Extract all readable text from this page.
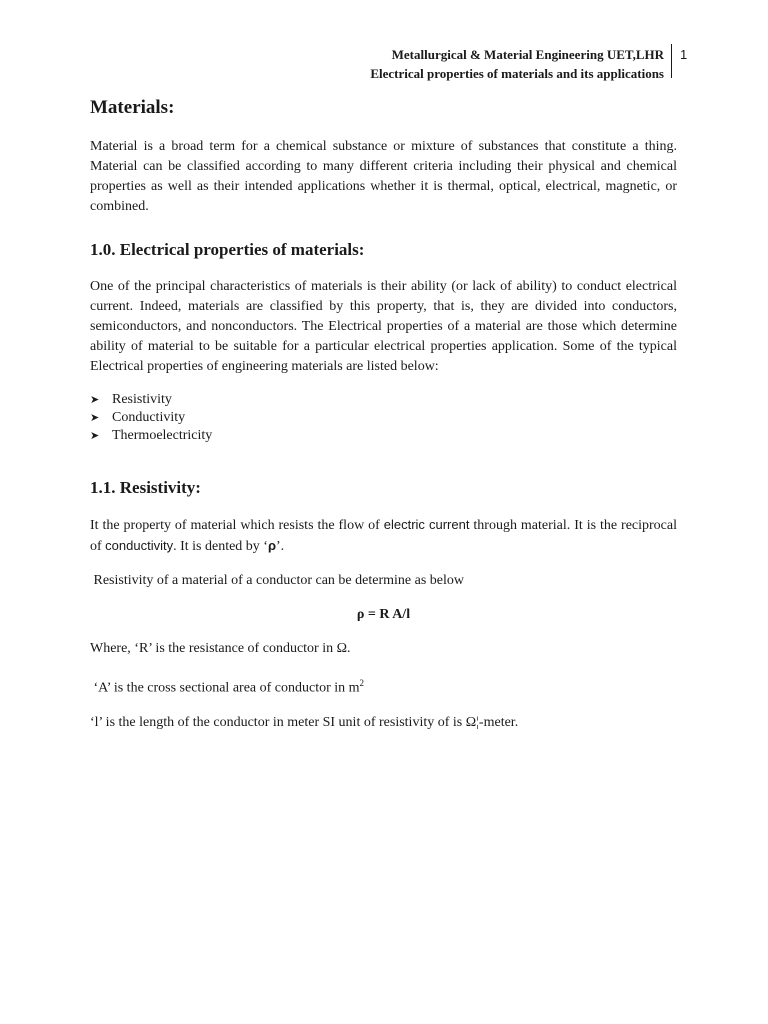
Metallurgical & Material Engineering UET,LHR
Electrical properties of materials and its applications
1
Materials:

Material is a broad term for a chemical substance or mixture of substances that constitute a thing. Material can be classified according to many different criteria including their physical and chemical properties as well as their intended applications whether it is thermal, optical, electrical, magnetic, or combined.

1.0. Electrical properties of materials:

One of the principal characteristics of materials is their ability (or lack of ability) to conduct electrical current. Indeed, materials are classified by this property, that is, they are divided into conductors, semiconductors, and nonconductors. The Electrical properties of a material are those which determine ability of material to be suitable for a particular electrical properties application. Some of the typical Electrical properties of engineering materials are listed below:

➤ Resistivity
➤ Conductivity
➤ Thermoelectricity
1.1. Resistivity:

It the property of material which resists the flow of electric current through material. It is the reciprocal of conductivity. It is dented by ‘ρ’.

Resistivity of a material of a conductor can be determine as below
ρ = R A/l
Where, ‘R’ is the resistance of conductor in Ω.
‘A’ is the cross sectional area of conductor in $m^2$
‘l’ is the length of the conductor in meter SI unit of resistivity of is Ω¦-meter.
